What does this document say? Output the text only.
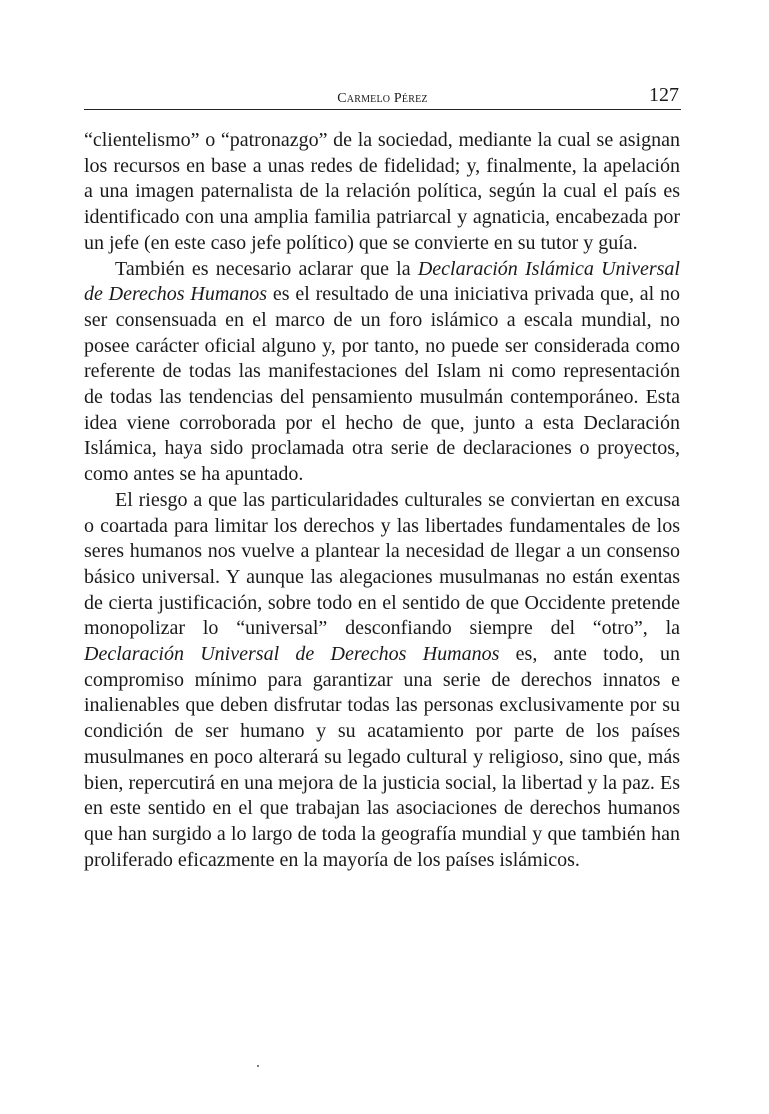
Carmelo Pérez	127

“clientelismo” o “patronazgo” de la sociedad, mediante la cual se asignan los recursos en base a unas redes de fidelidad; y, finalmente, la apelación a una imagen paternalista de la relación política, según la cual el país es identificado con una amplia familia patriarcal y agnaticia, encabezada por un jefe (en este caso jefe político) que se convierte en su tutor y guía.

También es necesario aclarar que la Declaración Islámica Universal de Derechos Humanos es el resultado de una iniciativa privada que, al no ser consensuada en el marco de un foro islámico a escala mundial, no posee carácter oficial alguno y, por tanto, no puede ser considerada como referente de todas las manifestaciones del Islam ni como representación de todas las tendencias del pensamiento musulmán contemporáneo. Esta idea viene corroborada por el hecho de que, junto a esta Declaración Islámica, haya sido proclamada otra serie de declaraciones o proyectos, como antes se ha apuntado.

El riesgo a que las particularidades culturales se conviertan en excusa o coartada para limitar los derechos y las libertades fundamentales de los seres humanos nos vuelve a plantear la necesidad de llegar a un consenso básico universal. Y aunque las alegaciones musulmanas no están exentas de cierta justificación, sobre todo en el sentido de que Occidente pretende monopolizar lo “universal” desconfiando siempre del “otro”, la Declaración Universal de Derechos Humanos es, ante todo, un compromiso mínimo para garantizar una serie de derechos innatos e inalienables que deben disfrutar todas las personas exclusivamente por su condición de ser humano y su acatamiento por parte de los países musulmanes en poco alterará su legado cultural y religioso, sino que, más bien, repercutirá en una mejora de la justicia social, la libertad y la paz. Es en este sentido en el que trabajan las asociaciones de derechos humanos que han surgido a lo largo de toda la geografía mundial y que también han proliferado eficazmente en la mayoría de los países islámicos.
